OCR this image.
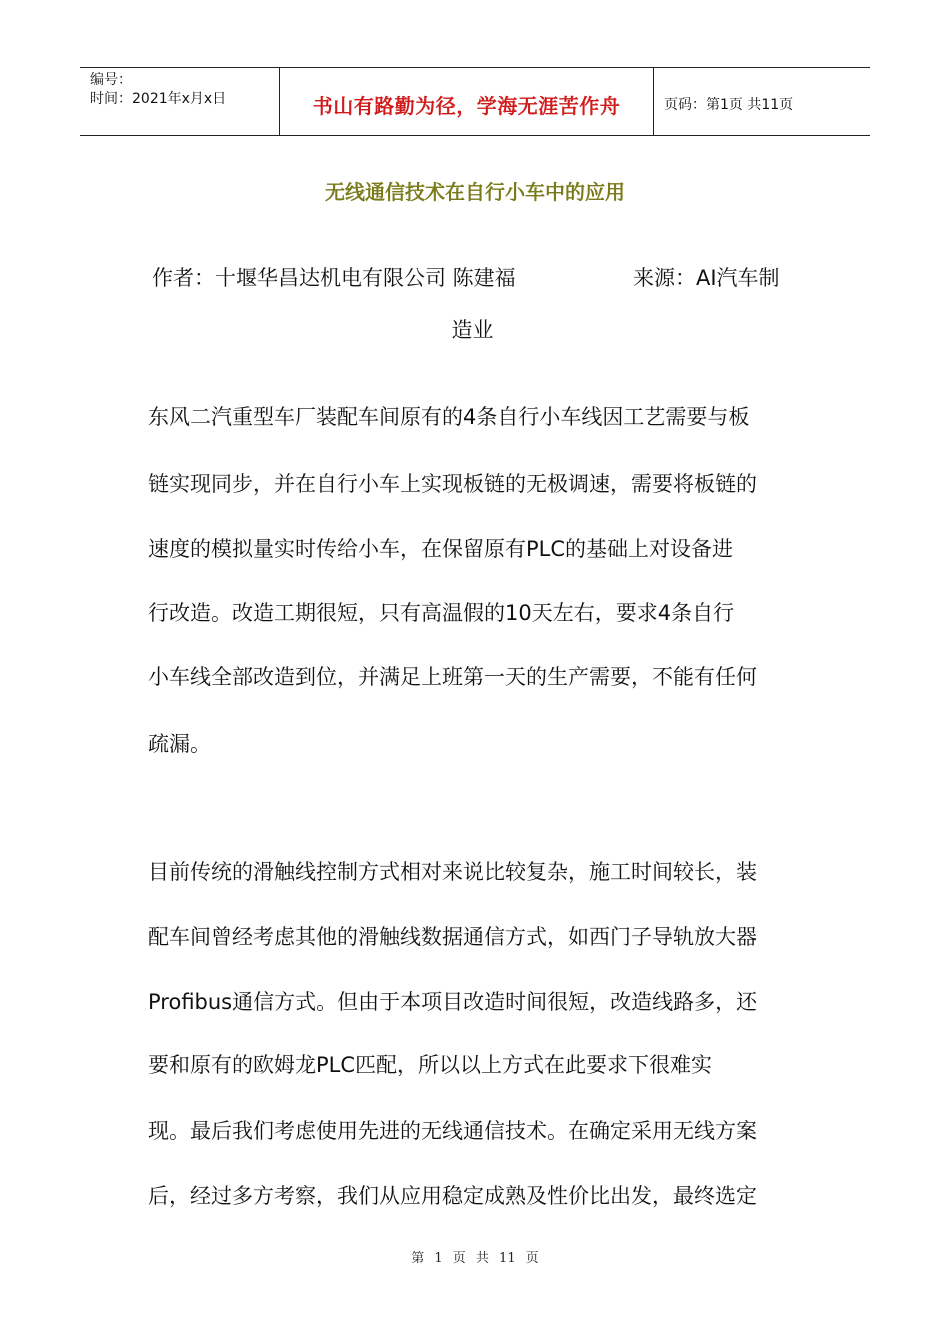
编号：
时间：2021年x月x日	书山有路勤为径，学海无涯苦作舟	页码：第1页 共11页
无线通信技术在自行小车中的应用
作者：十堰华昌达机电有限公司 陈建福	来源：AI汽车制
造业
东风二汽重型车厂装配车间原有的4条自行小车线因工艺需要与板
链实现同步，并在自行小车上实现板链的无极调速，需要将板链的
速度的模拟量实时传给小车，在保留原有PLC的基础上对设备进
行改造。改造工期很短，只有高温假的10天左右，要求4条自行
小车线全部改造到位，并满足上班第一天的生产需要，不能有任何
疏漏。
目前传统的滑触线控制方式相对来说比较复杂，施工时间较长，装
配车间曾经考虑其他的滑触线数据通信方式，如西门子导轨放大器
Profibus通信方式。但由于本项目改造时间很短，改造线路多，还
要和原有的欧姆龙PLC匹配，所以以上方式在此要求下很难实
现。最后我们考虑使用先进的无线通信技术。在确定采用无线方案
后，经过多方考察，我们从应用稳定成熟及性价比出发，最终选定
第 1 页 共 11 页
